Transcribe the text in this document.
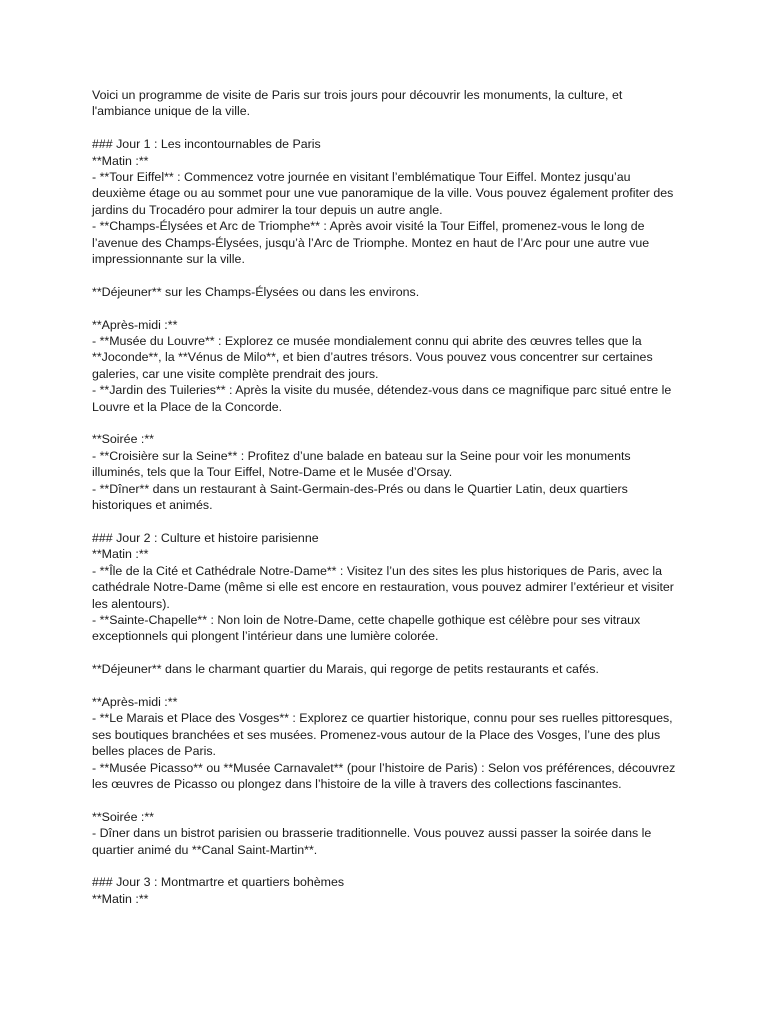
Voici un programme de visite de Paris sur trois jours pour découvrir les monuments, la culture, et l'ambiance unique de la ville.

### Jour 1 : Les incontournables de Paris

**Matin :**

- **Tour Eiffel** : Commencez votre journée en visitant l’emblématique Tour Eiffel. Montez jusqu’au deuxième étage ou au sommet pour une vue panoramique de la ville. Vous pouvez également profiter des jardins du Trocadéro pour admirer la tour depuis un autre angle.

- **Champs-Élysées et Arc de Triomphe** : Après avoir visité la Tour Eiffel, promenez-vous le long de l’avenue des Champs-Élysées, jusqu’à l’Arc de Triomphe. Montez en haut de l’Arc pour une autre vue impressionnante sur la ville.

**Déjeuner** sur les Champs-Élysées ou dans les environs.

**Après-midi :**

- **Musée du Louvre** : Explorez ce musée mondialement connu qui abrite des œuvres telles que la **Joconde**, la **Vénus de Milo**, et bien d’autres trésors. Vous pouvez vous concentrer sur certaines galeries, car une visite complète prendrait des jours.

- **Jardin des Tuileries** : Après la visite du musée, détendez-vous dans ce magnifique parc situé entre le Louvre et la Place de la Concorde.

**Soirée :**

- **Croisière sur la Seine** : Profitez d’une balade en bateau sur la Seine pour voir les monuments illuminés, tels que la Tour Eiffel, Notre-Dame et le Musée d’Orsay.

- **Dîner** dans un restaurant à Saint-Germain-des-Prés ou dans le Quartier Latin, deux quartiers historiques et animés.

### Jour 2 : Culture et histoire parisienne

**Matin :**

- **Île de la Cité et Cathédrale Notre-Dame** : Visitez l’un des sites les plus historiques de Paris, avec la cathédrale Notre-Dame (même si elle est encore en restauration, vous pouvez admirer l’extérieur et visiter les alentours).

- **Sainte-Chapelle** : Non loin de Notre-Dame, cette chapelle gothique est célèbre pour ses vitraux exceptionnels qui plongent l’intérieur dans une lumière colorée.

**Déjeuner** dans le charmant quartier du Marais, qui regorge de petits restaurants et cafés.

**Après-midi :**

- **Le Marais et Place des Vosges** : Explorez ce quartier historique, connu pour ses ruelles pittoresques, ses boutiques branchées et ses musées. Promenez-vous autour de la Place des Vosges, l’une des plus belles places de Paris.

- **Musée Picasso** ou **Musée Carnavalet** (pour l’histoire de Paris) : Selon vos préférences, découvrez les œuvres de Picasso ou plongez dans l’histoire de la ville à travers des collections fascinantes.

**Soirée :**

- Dîner dans un bistrot parisien ou brasserie traditionnelle. Vous pouvez aussi passer la soirée dans le quartier animé du **Canal Saint-Martin**.

### Jour 3 : Montmartre et quartiers bohèmes

**Matin :**
